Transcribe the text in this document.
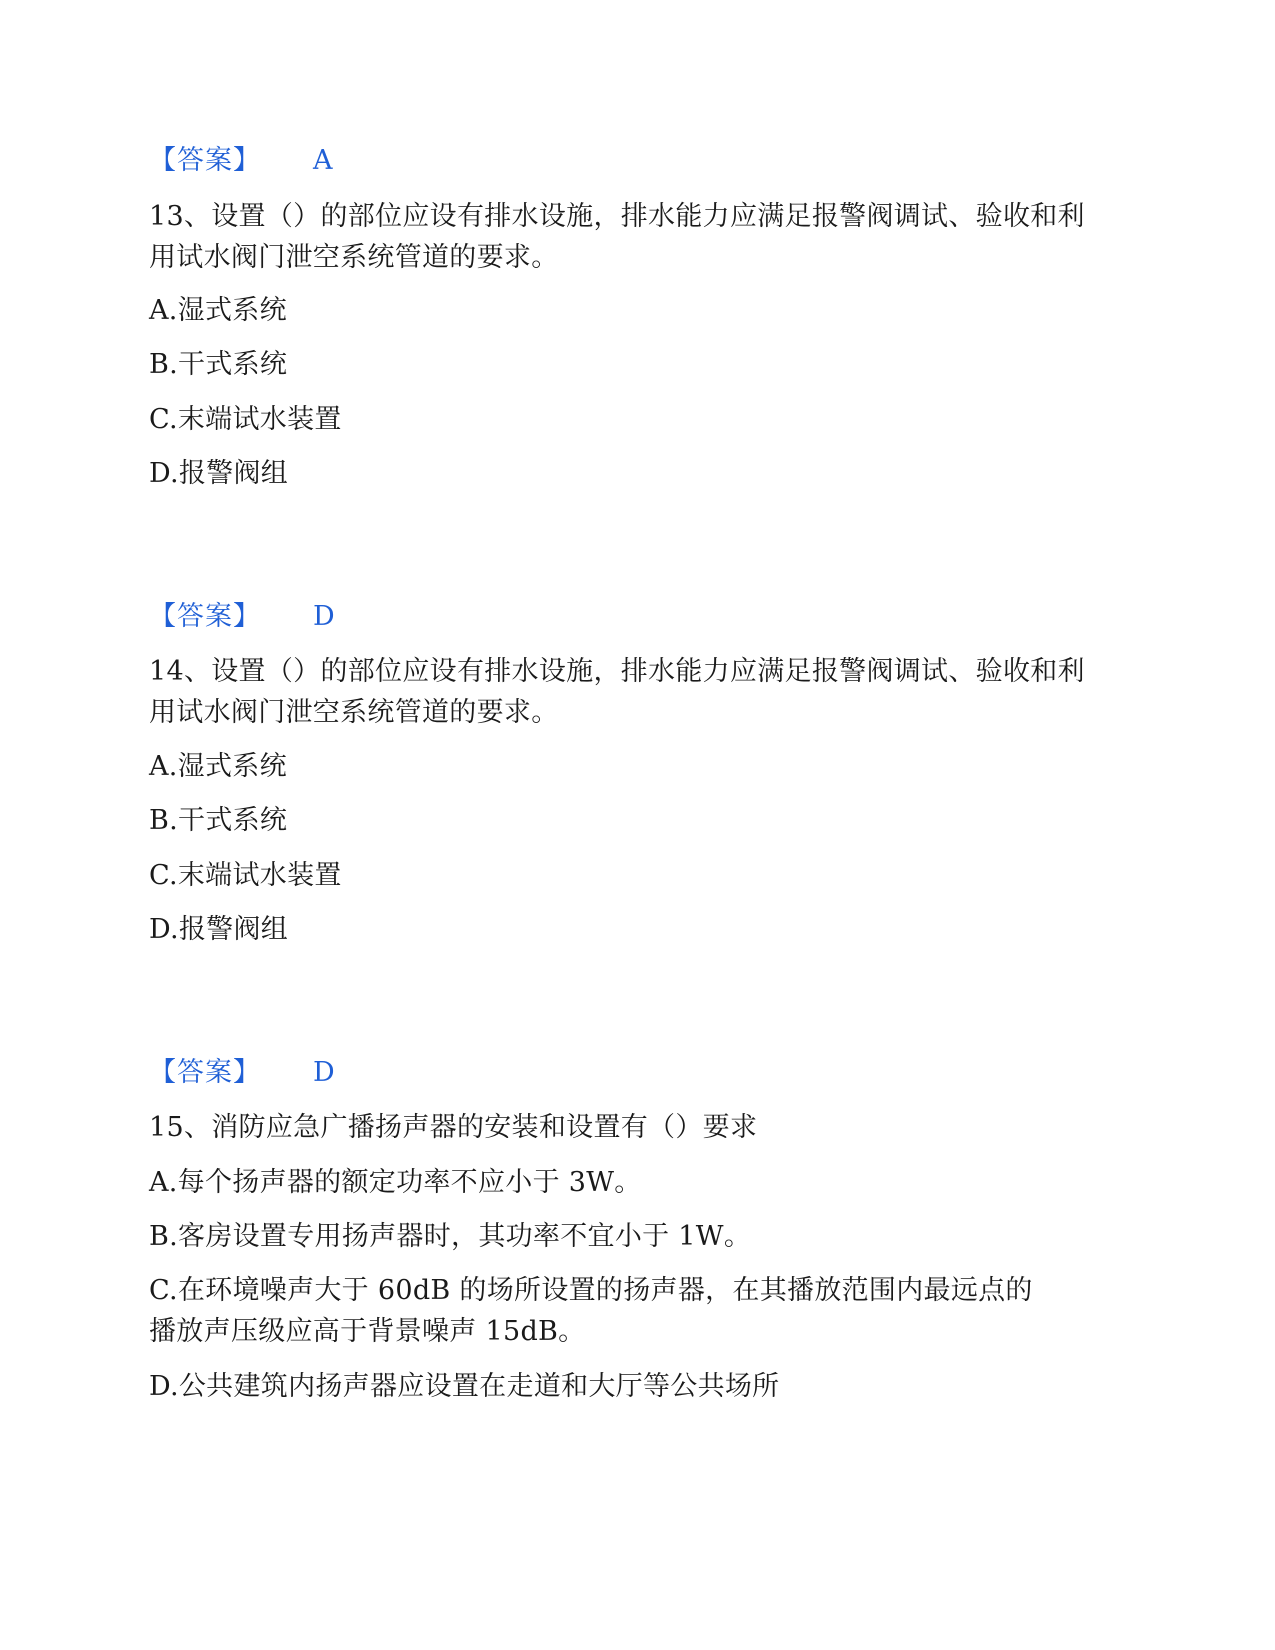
【答案】 A
13、设置（）的部位应设有排水设施，排水能力应满足报警阀调试、验收和利用试水阀门泄空系统管道的要求。
A.湿式系统
B.干式系统
C.末端试水装置
D.报警阀组
【答案】 D
14、设置（）的部位应设有排水设施，排水能力应满足报警阀调试、验收和利用试水阀门泄空系统管道的要求。
A.湿式系统
B.干式系统
C.末端试水装置
D.报警阀组
【答案】 D
15、消防应急广播扬声器的安装和设置有（）要求
A.每个扬声器的额定功率不应小于 3W。
B.客房设置专用扬声器时，其功率不宜小于 1W。
C.在环境噪声大于 60dB 的场所设置的扬声器，在其播放范围内最远点的播放声压级应高于背景噪声 15dB。
D.公共建筑内扬声器应设置在走道和大厅等公共场所
